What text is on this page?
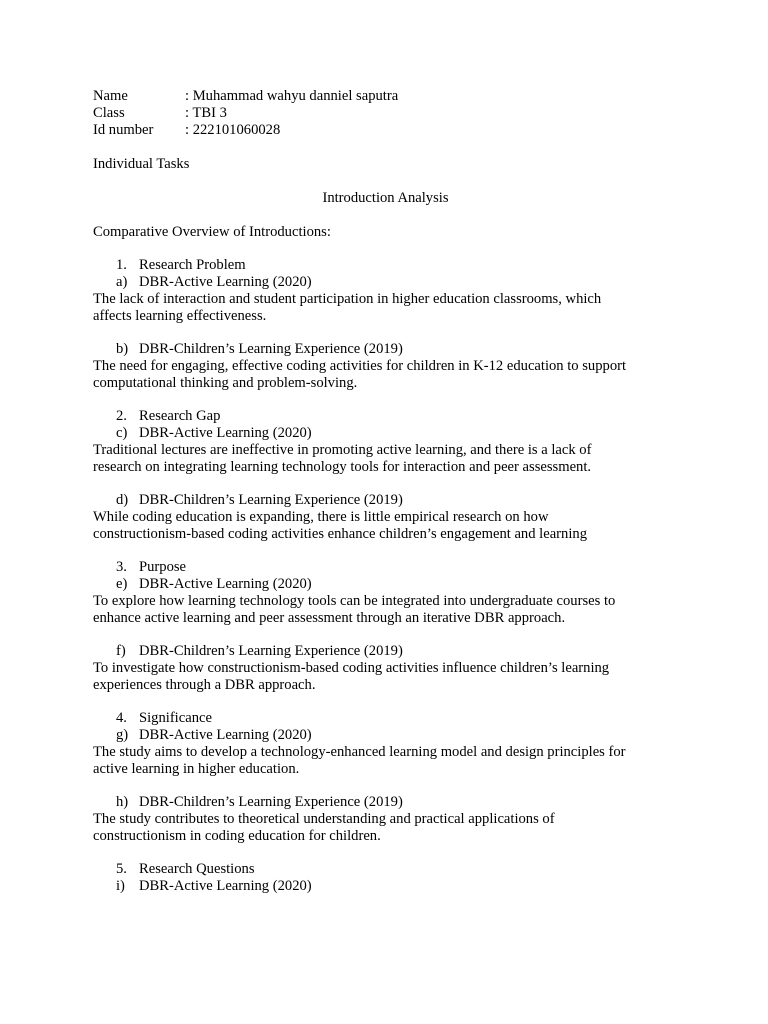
Name	: Muhammad wahyu danniel saputra
Class	: TBI 3
Id number : 222101060028
Individual Tasks
Introduction Analysis
Comparative Overview of Introductions:
1. Research Problem
a) DBR-Active Learning (2020)
The lack of interaction and student participation in higher education classrooms, which
affects learning effectiveness.
b) DBR-Children’s Learning Experience (2019)
The need for engaging, effective coding activities for children in K-12 education to support
computational thinking and problem-solving.
2. Research Gap
c) DBR-Active Learning (2020)
Traditional lectures are ineffective in promoting active learning, and there is a lack of
research on integrating learning technology tools for interaction and peer assessment.
d) DBR-Children’s Learning Experience (2019)
While coding education is expanding, there is little empirical research on how
constructionism-based coding activities enhance children’s engagement and learning
3. Purpose
e) DBR-Active Learning (2020)
To explore how learning technology tools can be integrated into undergraduate courses to
enhance active learning and peer assessment through an iterative DBR approach.
f) DBR-Children’s Learning Experience (2019)
To investigate how constructionism-based coding activities influence children’s learning
experiences through a DBR approach.
4. Significance
g) DBR-Active Learning (2020)
The study aims to develop a technology-enhanced learning model and design principles for
active learning in higher education.
h) DBR-Children’s Learning Experience (2019)
The study contributes to theoretical understanding and practical applications of
constructionism in coding education for children.
5. Research Questions
i) DBR-Active Learning (2020)
